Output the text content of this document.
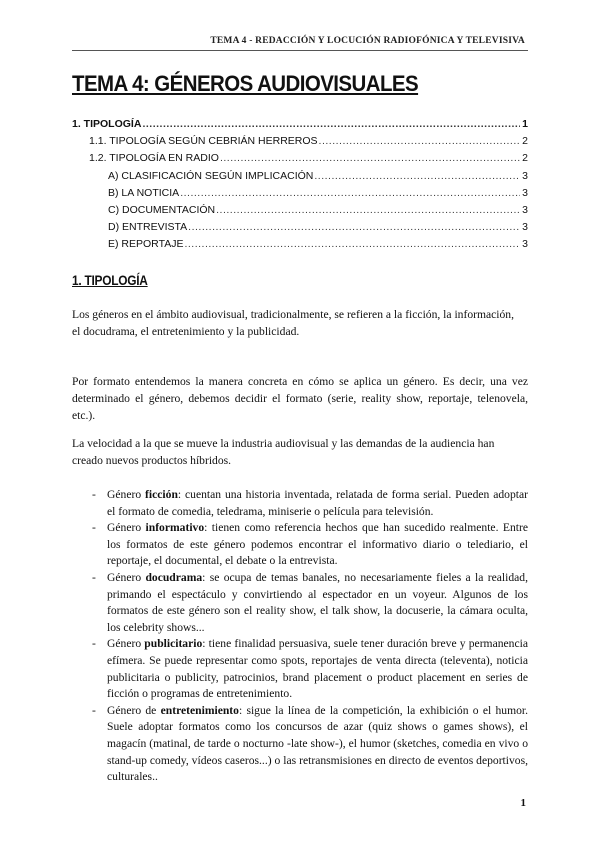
TEMA 4 - REDACCIÓN Y LOCUCIÓN RADIOFÓNICA Y TELEVISIVA
TEMA 4: GÉNEROS AUDIOVISUALES
1. TIPOLOGÍA .....	1
1.1. TIPOLOGÍA SEGÚN CEBRIÁN HERREROS .....	2
1.2. TIPOLOGÍA EN RADIO .....	2
A) CLASIFICACIÓN SEGÚN IMPLICACIÓN .....	3
B) LA NOTICIA .....	3
C) DOCUMENTACIÓN .....	3
D) ENTREVISTA .....	3
E) REPORTAJE .....	3
1. TIPOLOGÍA
Los géneros en el ámbito audiovisual, tradicionalmente, se refieren a la ficción, la información,
el docudrama, el entretenimiento y la publicidad.

Por formato entendemos la manera concreta en cómo se aplica un género. Es decir, una vez determinado el género, debemos decidir el formato (serie, reality show, reportaje, telenovela, etc.).

La velocidad a la que se mueve la industria audiovisual y las demandas de la audiencia han creado nuevos productos híbridos.

- Género ficción: cuentan una historia inventada, relatada de forma serial. Pueden adoptar el formato de comedia, teledrama, miniserie o película para televisión.
- Género informativo: tienen como referencia hechos que han sucedido realmente. Entre los formatos de este género podemos encontrar el informativo diario o telediario, el reportaje, el documental, el debate o la entrevista.
- Género docudrama: se ocupa de temas banales, no necesariamente fieles a la realidad, primando el espectáculo y convirtiendo al espectador en un voyeur. Algunos de los formatos de este género son el reality show, el talk show, la docuserie, la cámara oculta, los celebrity shows...
- Género publicitario: tiene finalidad persuasiva, suele tener duración breve y permanencia efímera. Se puede representar como spots, reportajes de venta directa (televenta), noticia publicitaria o publicity, patrocinios, brand placement o product placement en series de ficción o programas de entretenimiento.
- Género de entretenimiento: sigue la línea de la competición, la exhibición o el humor. Suele adoptar formatos como los concursos de azar (quiz shows o games shows), el magacín (matinal, de tarde o nocturno -late show-), el humor (sketches, comedia en vivo o stand-up comedy, vídeos caseros...) o las retransmisiones en directo de eventos deportivos, culturales..
1
